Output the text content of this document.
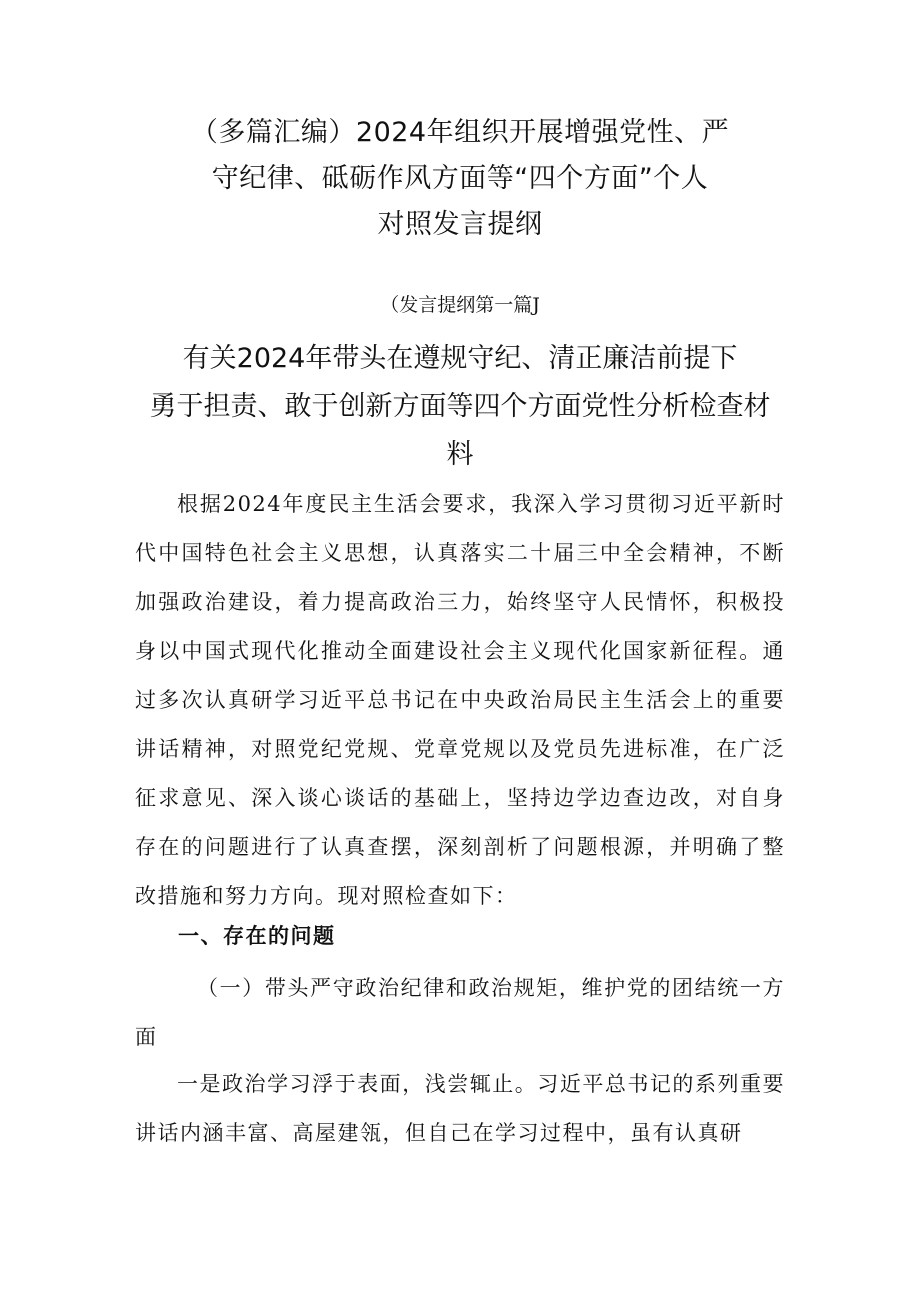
（多篇汇编）2024年组织开展增强党性、严
守纪律、砥砺作风方面等“四个方面”个人
对照发言提纲

（发言提纲第一篇J

有关2024年带头在遵规守纪、清正廉洁前提下
勇于担责、敢于创新方面等四个方面党性分析检查材
料

根据2024年度民主生活会要求，我深入学习贯彻习近平新时代中国特色社会主义思想，认真落实二十届三中全会精神，不断加强政治建设，着力提高政治三力，始终坚守人民情怀，积极投身以中国式现代化推动全面建设社会主义现代化国家新征程。通过多次认真研学习近平总书记在中央政治局民主生活会上的重要讲话精神，对照党纪党规、党章党规以及党员先进标准，在广泛征求意见、深入谈心谈话的基础上，坚持边学边查边改，对自身存在的问题进行了认真查摆，深刻剖析了问题根源，并明确了整改措施和努力方向。现对照检查如下：

一、存在的问题

（一）带头严守政治纪律和政治规矩，维护党的团结统一方面

一是政治学习浮于表面，浅尝辄止。习近平总书记的系列重要讲话内涵丰富、高屋建瓴，但自己在学习过程中，虽有认真研
